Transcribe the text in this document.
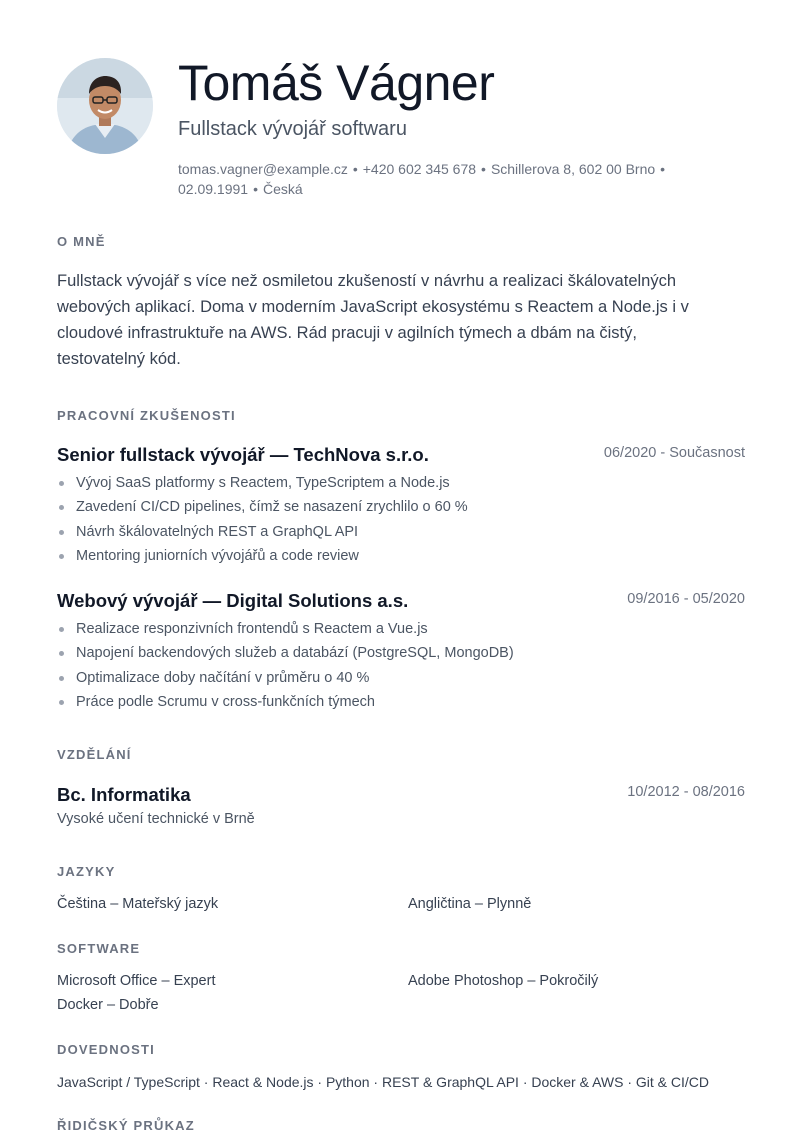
Tomáš Vágner
Fullstack vývojář softwaru
tomas.vagner@example.cz • +420 602 345 678 • Schillerova 8, 602 00 Brno •
02.09.1991 • Česká
O MNĚ
Fullstack vývojář s více než osmiletou zkušeností v návrhu a realizaci škálovatelných
webových aplikací. Doma v moderním JavaScript ekosystému s Reactem a Node.js i v
cloudové infrastruktuře na AWS. Rád pracuji v agilních týmech a dbám na čistý,
testovatelný kód.
PRACOVNÍ ZKUŠENOSTI
Senior fullstack vývojář — TechNova s.r.o.	06/2020 - Současnost
Vývoj SaaS platformy s Reactem, TypeScriptem a Node.js
Zavedení CI/CD pipelines, čímž se nasazení zrychlilo o 60 %
Návrh škálovatelných REST a GraphQL API
Mentoring juniorních vývojářů a code review
Webový vývojář — Digital Solutions a.s.	09/2016 - 05/2020
Realizace responzivních frontendů s Reactem a Vue.js
Napojení backendových služeb a databází (PostgreSQL, MongoDB)
Optimalizace doby načítání v průměru o 40 %
Práce podle Scrumu v cross-funkčních týmech
VZDĚLÁNÍ
Bc. Informatika	10/2012 - 08/2016
Vysoké učení technické v Brně
JAZYKY
Čeština – Mateřský jazyk	Angličtina – Plynně
SOFTWARE
Microsoft Office – Expert	Adobe Photoshop – Pokročilý
Docker – Dobře
DOVEDNOSTI
JavaScript / TypeScript · React & Node.js · Python · REST & GraphQL API · Docker & AWS · Git & CI/CD
ŘIDIČSKÝ PRŮKAZ
